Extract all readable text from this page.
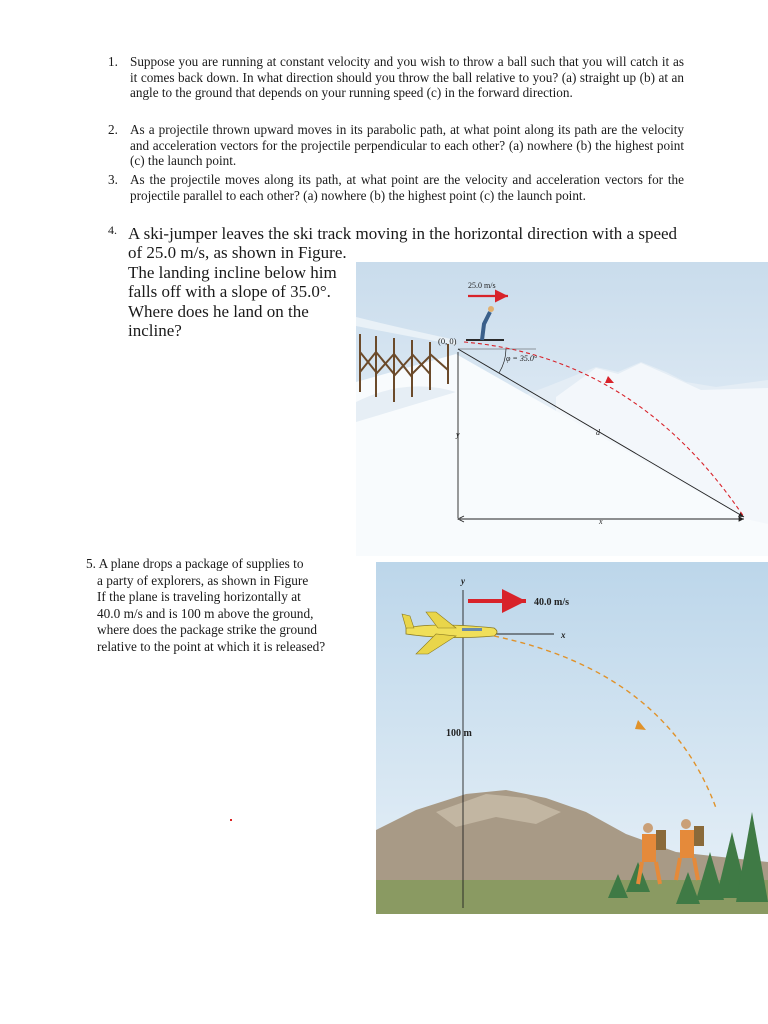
1. Suppose you are running at constant velocity and you wish to throw a ball such that you will catch it as it comes back down. In what direction should you throw the ball relative to you? (a) straight up (b) at an angle to the ground that depends on your running speed (c) in the forward direction.
2. As a projectile thrown upward moves in its parabolic path, at what point along its path are the velocity and acceleration vectors for the projectile perpendicular to each other? (a) nowhere (b) the highest point (c) the launch point.
3. As the projectile moves along its path, at what point are the velocity and acceleration vectors for the projectile parallel to each other? (a) nowhere (b) the highest point (c) the launch point.
4. A ski-jumper leaves the ski track moving in the horizontal direction with a speed
of 25.0 m/s, as shown in Figure.
The landing incline below him
falls off with a slope of 35.0°.
Where does he land on the
incline?
(0, 0)
25.0 m/s
φ = 35.0°
d
y
x
5. A plane drops a package of supplies to
a party of explorers, as shown in Figure
If the plane is traveling horizontally at
40.0 m/s and is 100 m above the ground,
where does the package strike the ground
relative to the point at which it is released?
y
x
40.0 m/s
100 m
